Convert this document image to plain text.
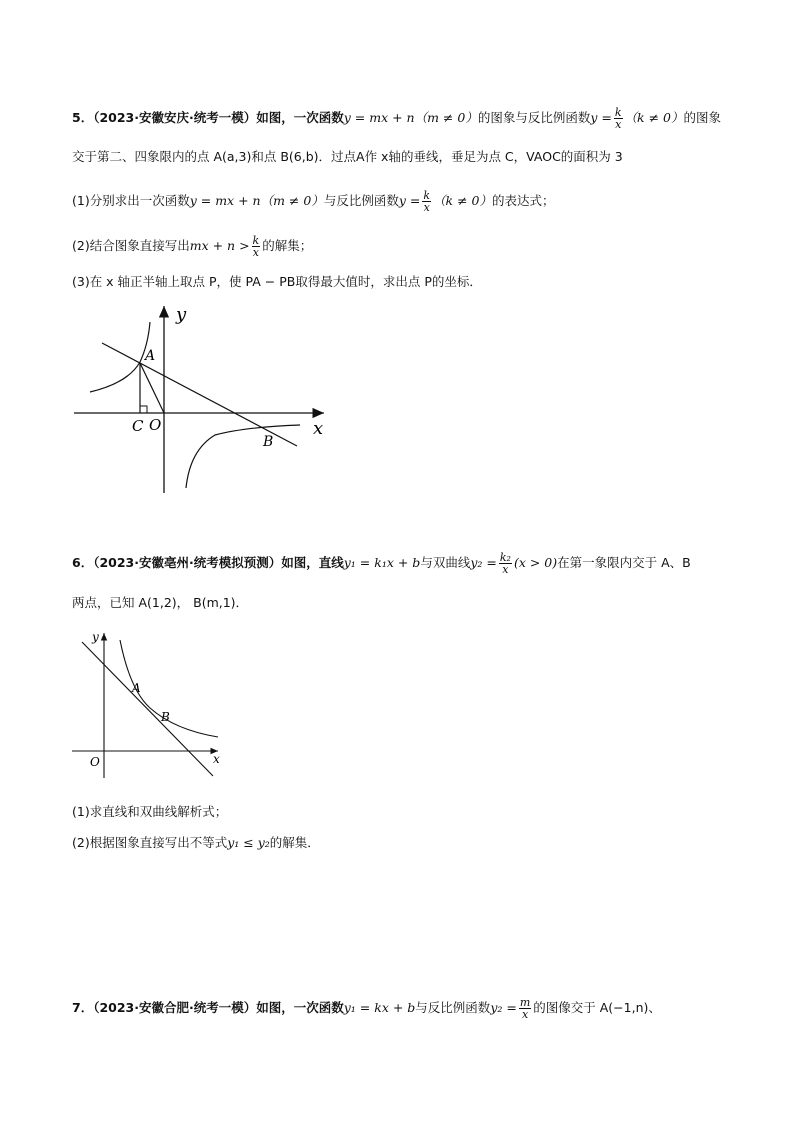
5．（2023·安徽安庆·统考一模）如图，一次函数y = mx + n（m ≠ 0）的图象与反比例函数$y = \frac{k}{x} (k \ne 0)$的图象
交于第二、四象限内的点 A(a,3)和点 B(6,b)．过点A作 x轴的垂线，垂足为点 C，VAOC的面积为 3
(1)分别求出一次函数y = mx + n（m ≠ 0）与反比例函数$y = \frac{k}{x} (k \ne 0)$的表达式；
(2)结合图象直接写出mx + $n > \frac{k}{x}$ 的解集；
(3)在 x 轴正半轴上取点 P，使 PA − PB取得最大值时，求出点 P的坐标．
y
A
C O	x
B
6．（2023·安徽亳州·统考模拟预测）如图，直线y₁ = k₁x + b与双曲线$y_2 = \frac{\text{k₂}}{x} (x > 0)$在第一象限内交于 A、B
两点，已知 A(1,2)， B(m,1)．
y
A
B
O	x
(1)求直线和双曲线解析式；
(2)根据图象直接写出不等式y₁ ≤ y₂的解集．
7．（2023·安徽合肥·统考一模）如图，一次函数y₁ = kx + b与反比例函数$y_2 = \frac{m}{x}$ 的图像交于 A(−1,n)、
